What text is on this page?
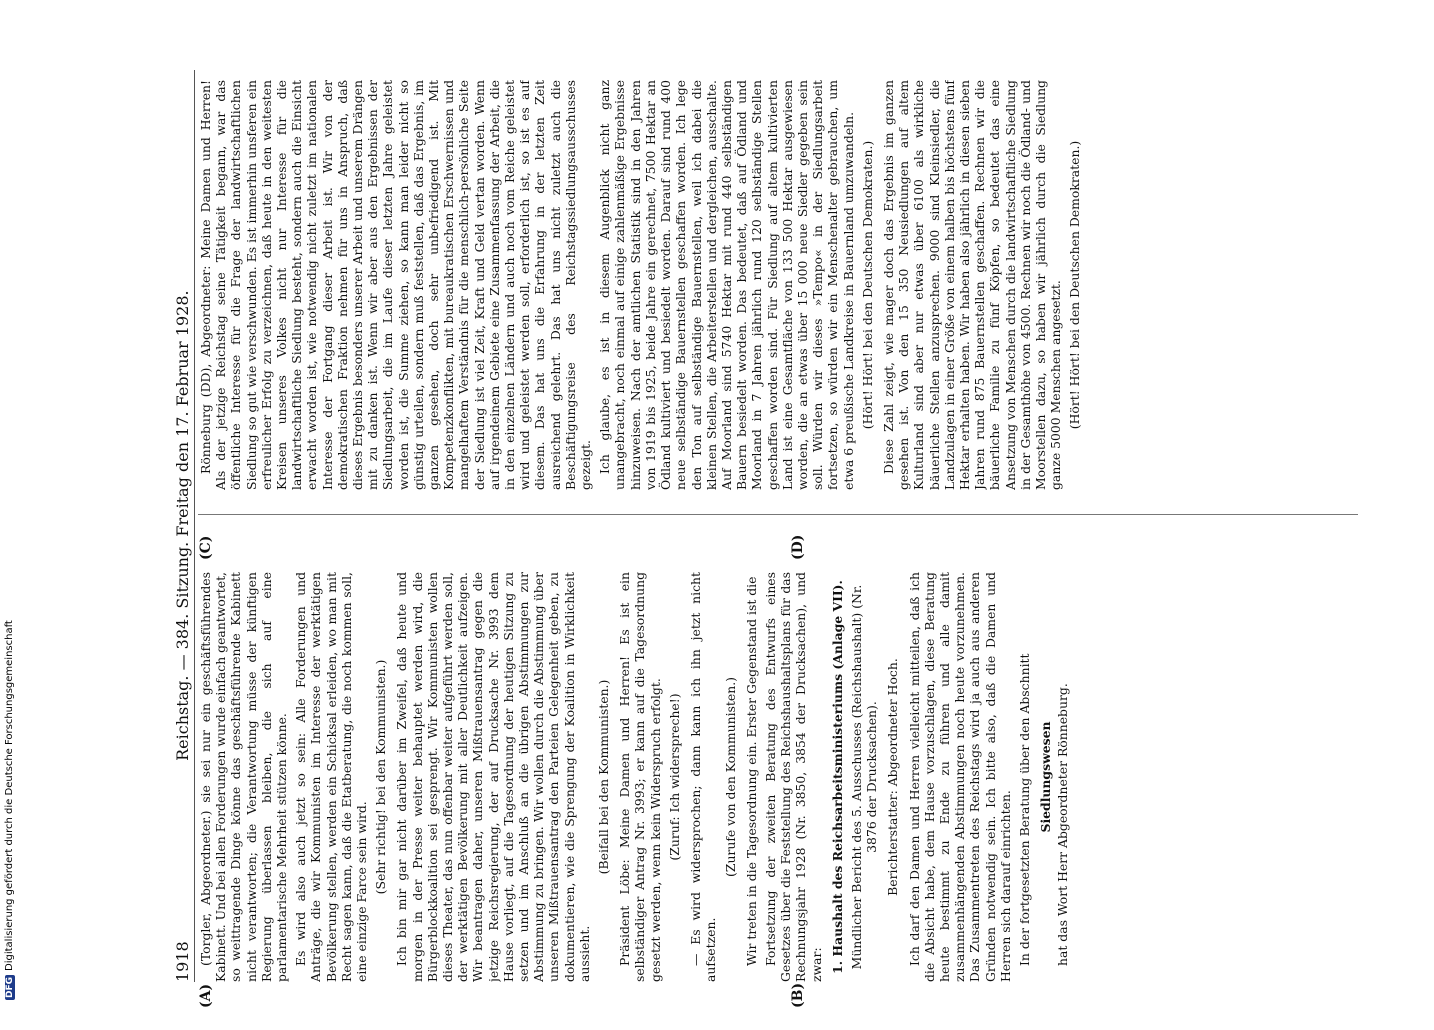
1918
Reichstag. — 384. Sitzung. Freitag den 17. Februar 1928.
(A)	(B)
(C)	(D)

(Torgler, Abgeordneter.) sie sei nur ein geschäftsführendes Kabinett. Und bei allen Forderungen wurde einfach geantwortet, so weittragende Dinge könne das geschäftsführende Kabinett nicht verantworten; die Verantwortung müsse der künftigen Regierung überlassen bleiben, die sich auf eine parlamentarische Mehrheit stützen könne. Es wird also auch jetzt so sein: Alle Forderungen und Anträge, die wir Kommunisten im Interesse der werktätigen Bevölkerung stellen, werden ein Schicksal erleiden, wo man mit Recht sagen kann, daß die Etatberatung, die noch kommen soll, eine einzige Farce sein wird. (Sehr richtig! bei den Kommunisten.) Ich bin mir gar nicht darüber im Zweifel, daß heute und morgen in der Presse weiter behauptet werden wird, die Bürgerblockkoalition sei gesprengt. Wir Kommunisten wollen dieses Theater, das nun offenbar weiter aufgeführt werden soll, der werktätigen Bevölkerung mit aller Deutlichkeit aufzeigen. Wir beantragen daher, unseren Mißtrauensantrag gegen die jetzige Reichsregierung, der auf Drucksache Nr. 3993 dem Hause vorliegt, auf die Tagesordnung der heutigen Sitzung zu setzen und im Anschluß an die übrigen Abstimmungen zur Abstimmung zu bringen. Wir wollen durch die Abstimmung über unseren Mißtrauensantrag den Parteien Gelegenheit geben, zu dokumentieren, wie die Sprengung der Koalition in Wirklichkeit aussieht.

(Beifall bei den Kommunisten.) Präsident Löbe: Meine Damen und Herren! Es ist ein selbständiger Antrag Nr. 3993; er kann auf die Tagesordnung gesetzt werden, wenn kein Widerspruch erfolgt. (Zuruf: Ich widerspreche!) — Es wird widersprochen; dann kann ich ihn jetzt nicht aufsetzen.

(Zurufe von den Kommunisten.) Wir treten in die Tagesordnung ein. Erster Gegenstand ist die Fortsetzung der zweiten Beratung des Entwurfs eines Gesetzes über die Feststellung des Reichshaushaltsplans für das Rechnungsjahr 1928 (Nr. 3850, 3854 der Drucksachen), und zwar: 1. Haushalt des Reichsarbeitsministeriums (Anlage VII). Mündlicher Bericht des 5. Ausschusses (Reichshaushalt) (Nr. 3876 der Drucksachen). Berichterstatter: Abgeordneter Hoch. Ich darf den Damen und Herren vielleicht mitteilen, daß ich die Absicht habe, dem Hause vorzuschlagen, diese Beratung heute bestimmt zu Ende zu führen und alle damit zusammenhängenden Abstimmungen noch heute vorzunehmen. Das Zusammentreten des Reichstags wird ja auch aus anderen Gründen notwendig sein. Ich bitte also, daß die Damen und Herren sich darauf einrichten. In der fortgesetzten Beratung über den Abschnitt Siedlungswesen hat das Wort Herr Abgeordneter Rönneburg.

Rönneburg (DD), Abgeordneter: Meine Damen und Herren! Als der jetzige Reichstag seine Tätigkeit begann, war das öffentliche Interesse für die Frage der landwirtschaftlichen Siedlung so gut wie verschwunden. Es ist immerhin unsferen ein erfreulicher Erfolg zu verzeichnen, daß heute in den weitesten Kreisen unseres Volkes nicht nur Interesse für die landwirtschaftliche Siedlung besteht, sondern auch die Einsicht erwacht worden ist, wie notwendig nicht zuletzt im nationalen Interesse der Fortgang dieser Arbeit ist. Wir von der demokratischen Fraktion nehmen für uns in Anspruch, daß dieses Ergebnis besonders unserer Arbeit und unserem Drängen mit zu danken ist. Wenn wir aber aus den Ergebnissen der Siedlungsarbeit, die im Laufe dieser letzten Jahre geleistet worden ist, die Summe ziehen, so kann man leider nicht so günstig urteilen, sondern muß feststellen, daß das Ergebnis, im ganzen gesehen, doch sehr unbefriedigend ist. Mit Kompetenzkonflikten, mit bureaukratischen Erschwernissen und mangelhaftem Verständnis für die menschlich-persönliche Seite der Siedlung ist viel Zeit, Kraft und Geld vertan worden. Wenn auf irgendeinem Gebiete eine Zusammenfassung der Arbeit, die in den einzelnen Ländern und auch noch vom Reiche geleistet wird und geleistet werden soll, erforderlich ist, so ist es auf diesem. Das hat uns die Erfahrung in der letzten Zeit ausreichend gelehrt. Das hat uns nicht zuletzt auch die Beschäftigungsreise des Reichstagssiedlungsausschusses gezeigt. Ich glaube, es ist in diesem Augenblick nicht ganz unangebracht, noch einmal auf einige zahlenmäßige Ergebnisse hinzuweisen. Nach der amtlichen Statistik sind in den Jahren von 1919 bis 1925, beide Jahre ein gerechnet, 7500 Hektar an Ödland kultiviert und besiedelt worden. Darauf sind rund 400 neue selbständige Bauernstellen geschaffen worden. Ich lege den Ton auf selbständige Bauernstellen, weil ich dabei die kleinen Stellen, die Arbeiterstellen und dergleichen, ausschalte. Auf Moorland sind 5740 Hektar mit rund 440 selbständigen Bauern besiedelt worden. Das bedeutet, daß auf Ödland und Moorland in 7 Jahren jährlich rund 120 selbständige Stellen geschaffen worden sind. Für Siedlung auf altem kultivierten Land ist eine Gesamtfläche von 133 500 Hektar ausgewiesen worden, die an etwas über 15 000 neue Siedler gegeben sein soll. Würden wir dieses »Tempo« in der Siedlungsarbeit fortsetzen, so würden wir ein Menschenalter gebrauchen, um etwa 6 preußische Landkreise in Bauernland umzuwandeln. (Hört! Hört! bei den Deutschen Demokraten.) Diese Zahl zeigt, wie mager doch das Ergebnis im ganzen gesehen ist. Von den 15 350 Neusiedlungen auf altem Kulturland sind aber nur etwas über 6100 als wirkliche bäuerliche Stellen anzusprechen. 9000 sind Kleinsiedler, die Landzulagen in einer Größe von einem halben bis höchstens fünf Hektar erhalten haben. Wir haben also jährlich in diesen sieben Jahren rund 875 Bauernstellen geschaffen. Rechnen wir die bäuerliche Familie zu fünf Köpfen, so bedeutet das eine Ansetzung von Menschen durch die landwirtschaftliche Siedlung in der Gesamthöhe von 4500. Rechnen wir noch die Ödland- und Moorstellen dazu, so haben wir jährlich durch die Siedlung ganze 5000 Menschen angesetzt. (Hört! Hört! bei den Deutschen Demokraten.)

DFG
Digitalisierung gefördert durch die Deutsche Forschungsgemeinschaft
